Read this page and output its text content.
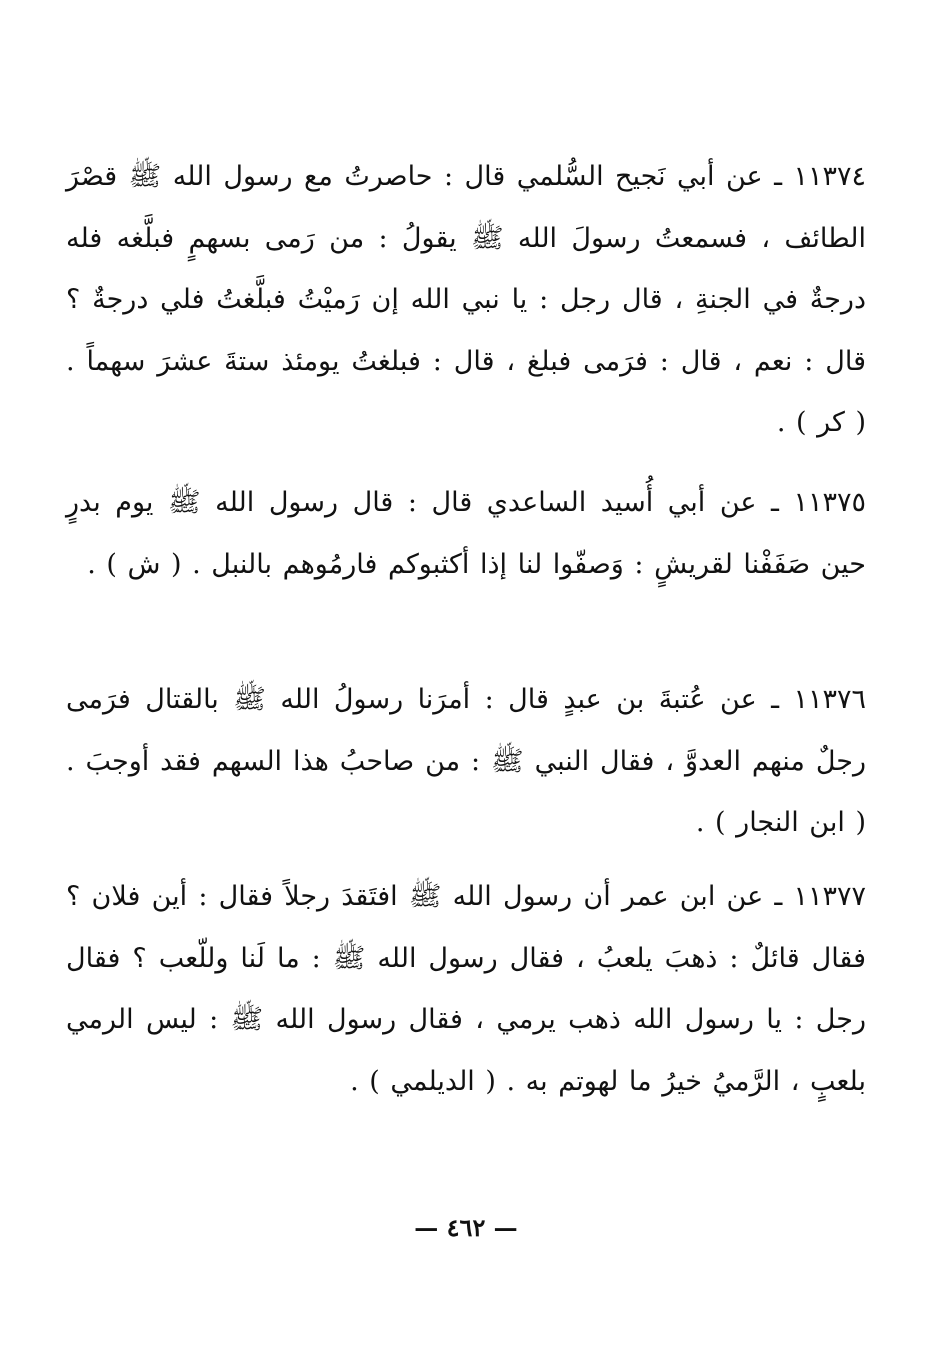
١١٣٧٤ ـ عن أبي نَجيح السُّلمي قال : حاصرتُ مع رسول الله ﷺ قصْرَ الطائف ، فسمعتُ رسولَ الله ﷺ يقولُ : من رَمى بسهمٍ فبلَّغه فله درجةٌ في الجنةِ ، قال رجل : يا نبي الله إن رَميْتُ فبلَّغتُ فلي درجةٌ ؟ قال : نعم ، قال : فرَمى فبلغ ، قال : فبلغتُ يومئذ ستةَ عشرَ سهماً . ( كر ) .

١١٣٧٥ ـ عن أبي أُسيد الساعدي قال : قال رسول الله ﷺ يوم بدرٍ حين صَفَفْنا لقريشٍ : وَصفّوا لنا إذا أكثبوكم فارمُوهم بالنبل . ( ش ) .

١١٣٧٦ ـ عن عُتبةَ بن عبدٍ قال : أمرَنا رسولُ الله ﷺ بالقتال فرَمى رجلٌ منهم العدوَّ ، فقال النبي ﷺ : من صاحبُ هذا السهم فقد أوجبَ . ( ابن النجار ) .

١١٣٧٧ ـ عن ابن عمر أن رسول الله ﷺ افتَقدَ رجلاً فقال : أين فلان ؟ فقال قائلٌ : ذهبَ يلعبُ ، فقال رسول الله ﷺ : ما لَنا وللّعب ؟ فقال رجل : يا رسول الله ذهب يرمي ، فقال رسول الله ﷺ : ليس الرمي بلعبٍ ، الرَّميُ خيرُ ما لهوتم به . ( الديلمي ) .

— ٤٦٢ —
